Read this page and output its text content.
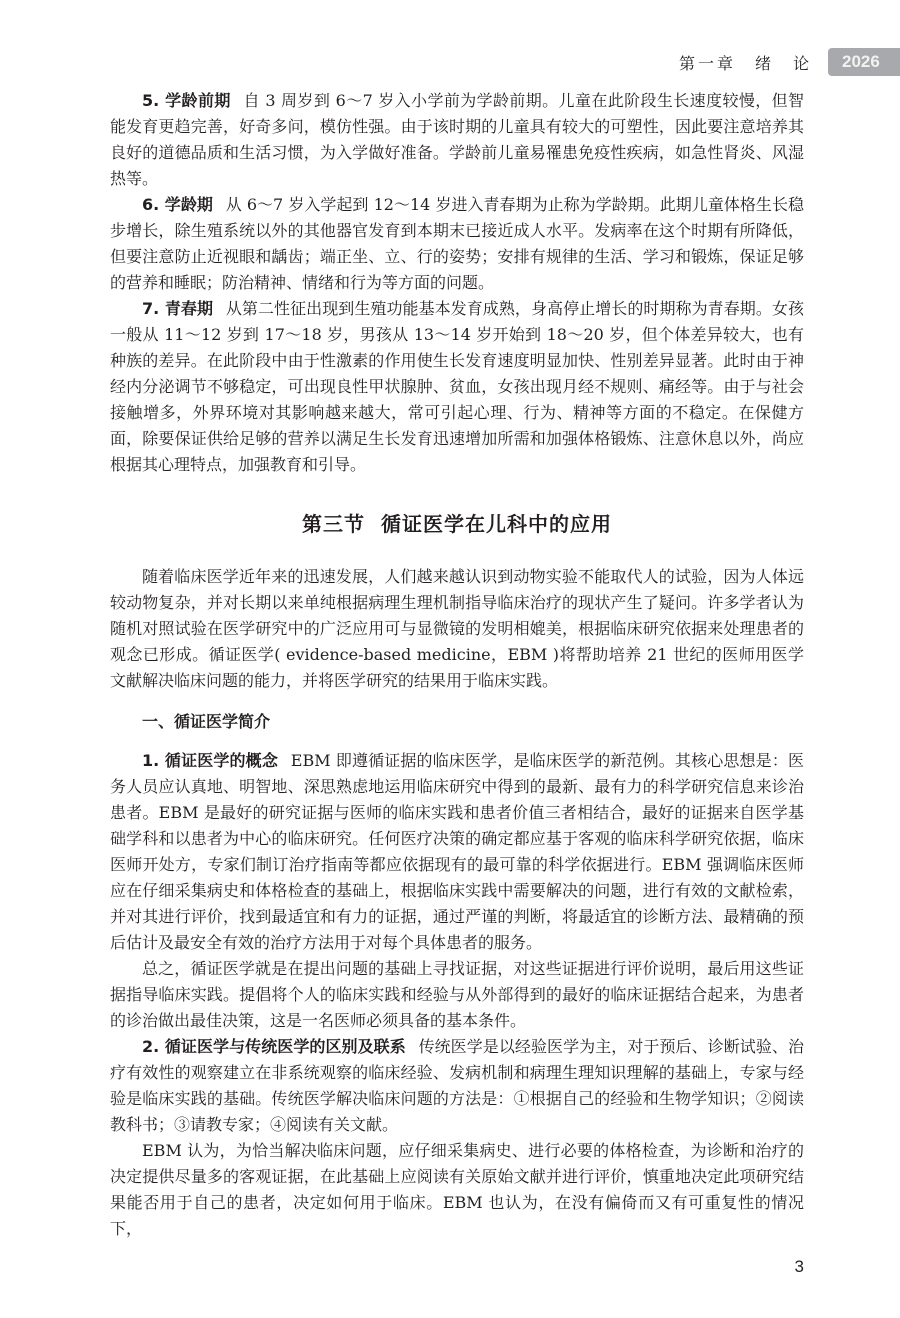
第一章　绪　论	2026

5. 学龄前期 自 3 周岁到 6～7 岁入小学前为学龄前期。儿童在此阶段生长速度较慢，但智能发育更趋完善，好奇多问，模仿性强。由于该时期的儿童具有较大的可塑性，因此要注意培养其良好的道德品质和生活习惯，为入学做好准备。学龄前儿童易罹患免疫性疾病，如急性肾炎、风湿热等。

6. 学龄期 从 6～7 岁入学起到 12～14 岁进入青春期为止称为学龄期。此期儿童体格生长稳步增长，除生殖系统以外的其他器官发育到本期末已接近成人水平。发病率在这个时期有所降低，但要注意防止近视眼和龋齿；端正坐、立、行的姿势；安排有规律的生活、学习和锻炼，保证足够的营养和睡眠；防治精神、情绪和行为等方面的问题。

7. 青春期 从第二性征出现到生殖功能基本发育成熟，身高停止增长的时期称为青春期。女孩一般从 11～12 岁到 17～18 岁，男孩从 13～14 岁开始到 18～20 岁，但个体差异较大，也有种族的差异。在此阶段中由于性激素的作用使生长发育速度明显加快、性别差异显著。此时由于神经内分泌调节不够稳定，可出现良性甲状腺肿、贫血，女孩出现月经不规则、痛经等。由于与社会接触增多，外界环境对其影响越来越大，常可引起心理、行为、精神等方面的不稳定。在保健方面，除要保证供给足够的营养以满足生长发育迅速增加所需和加强体格锻炼、注意休息以外，尚应根据其心理特点，加强教育和引导。

第三节 循证医学在儿科中的应用

随着临床医学近年来的迅速发展，人们越来越认识到动物实验不能取代人的试验，因为人体远较动物复杂，并对长期以来单纯根据病理生理机制指导临床治疗的现状产生了疑问。许多学者认为随机对照试验在医学研究中的广泛应用可与显微镜的发明相媲美，根据临床研究依据来处理患者的观念已形成。循证医学( evidence-based medicine，EBM )将帮助培养 21 世纪的医师用医学文献解决临床问题的能力，并将医学研究的结果用于临床实践。

一、循证医学简介

1. 循证医学的概念 EBM 即遵循证据的临床医学，是临床医学的新范例。其核心思想是：医务人员应认真地、明智地、深思熟虑地运用临床研究中得到的最新、最有力的科学研究信息来诊治患者。EBM 是最好的研究证据与医师的临床实践和患者价值三者相结合，最好的证据来自医学基础学科和以患者为中心的临床研究。任何医疗决策的确定都应基于客观的临床科学研究依据，临床医师开处方，专家们制订治疗指南等都应依据现有的最可靠的科学依据进行。EBM 强调临床医师应在仔细采集病史和体格检查的基础上，根据临床实践中需要解决的问题，进行有效的文献检索，并对其进行评价，找到最适宜和有力的证据，通过严谨的判断，将最适宜的诊断方法、最精确的预后估计及最安全有效的治疗方法用于对每个具体患者的服务。

总之，循证医学就是在提出问题的基础上寻找证据，对这些证据进行评价说明，最后用这些证据指导临床实践。提倡将个人的临床实践和经验与从外部得到的最好的临床证据结合起来，为患者的诊治做出最佳决策，这是一名医师必须具备的基本条件。

2. 循证医学与传统医学的区别及联系 传统医学是以经验医学为主，对于预后、诊断试验、治疗有效性的观察建立在非系统观察的临床经验、发病机制和病理生理知识理解的基础上，专家与经验是临床实践的基础。传统医学解决临床问题的方法是：①根据自己的经验和生物学知识；②阅读教科书；③请教专家；④阅读有关文献。

EBM 认为，为恰当解决临床问题，应仔细采集病史、进行必要的体格检查，为诊断和治疗的决定提供尽量多的客观证据，在此基础上应阅读有关原始文献并进行评价，慎重地决定此项研究结果能否用于自己的患者，决定如何用于临床。EBM 也认为，在没有偏倚而又有可重复性的情况下，

3
